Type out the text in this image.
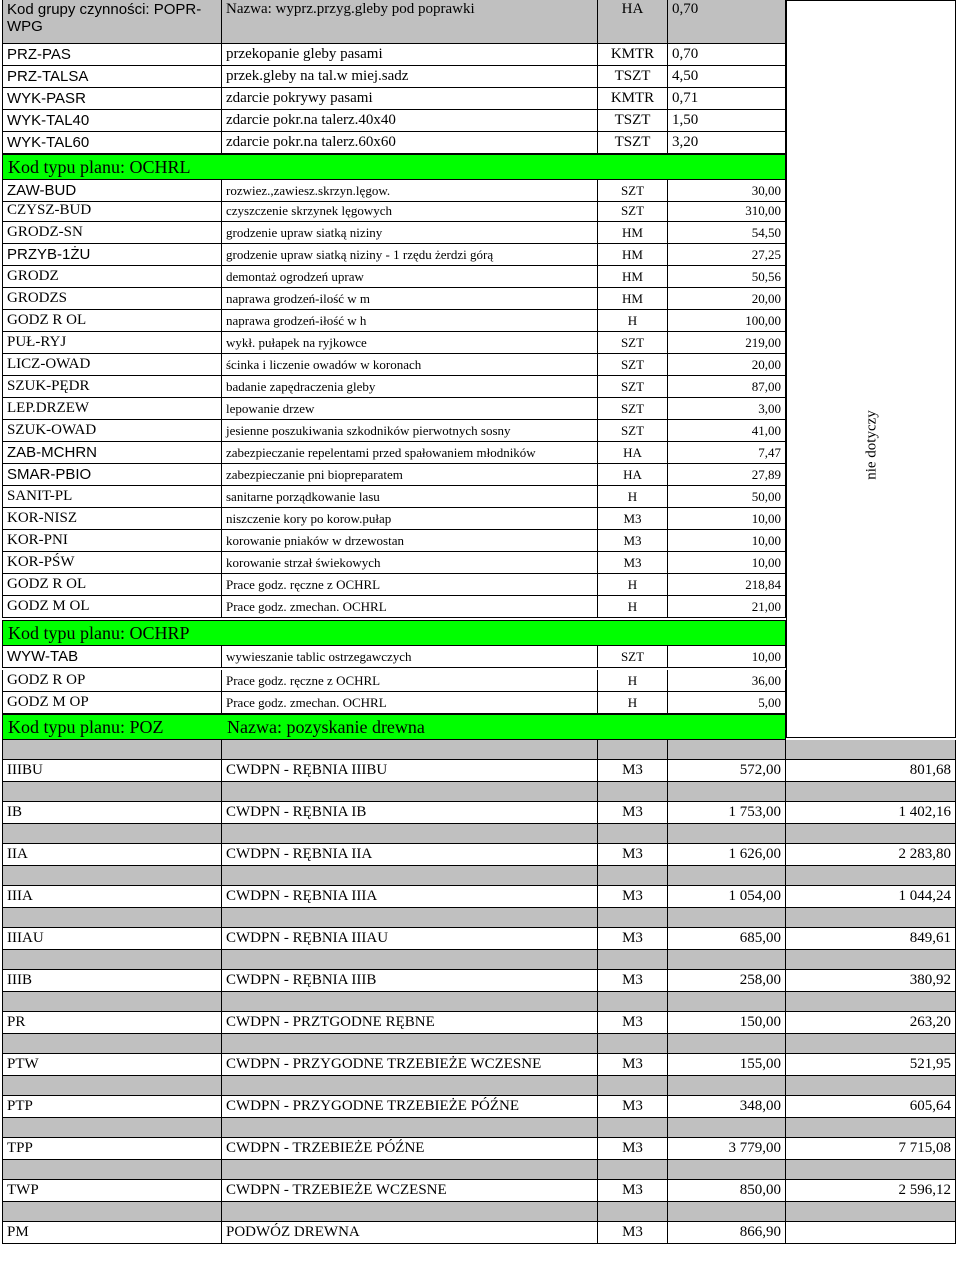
Kod grupy czynności: POPR-WPG
Nazwa: wyprz.przyg.gleby pod poprawki	HA	0,70
PRZ-PAS	przekopanie gleby pasami	KMTR	0,70
PRZ-TALSA	przek.gleby na tal.w miej.sadz	TSZT	4,50
WYK-PASR	zdarcie pokrywy pasami	KMTR	0,71
WYK-TAL40	zdarcie pokr.na talerz.40x40	TSZT	1,50
WYK-TAL60	zdarcie pokr.na talerz.60x60	TSZT	3,20
Kod typu planu: OCHRL
ZAW-BUD	rozwiez.,zawiesz.skrzyn.lęgow.	SZT	30,00
CZYSZ-BUD	czyszczenie skrzynek lęgowych	SZT	310,00
GRODZ-SN	grodzenie upraw siatką niziny	HM	54,50
PRZYB-1ŻU	grodzenie upraw siatką niziny - 1 rzędu żerdzi górą	HM	27,25
GRODZ	demontaż ogrodzeń upraw	HM	50,56
GRODZS	naprawa grodzeń-ilość w m	HM	20,00
GODZ R OL	naprawa grodzeń-iłość w h	H	100,00
PUŁ-RYJ	wykł. pułapek na ryjkowce	SZT	219,00
LICZ-OWAD	ścinka i liczenie owadów w koronach	SZT	20,00
SZUK-PĘDR	badanie zapędraczenia gleby	SZT	87,00
LEP.DRZEW	lepowanie drzew	SZT	3,00
SZUK-OWAD	jesienne poszukiwania szkodników pierwotnych sosny	SZT	41,00
ZAB-MCHRN	zabezpieczanie repelentami przed spałowaniem młodników	HA	7,47
SMAR-PBIO	zabezpieczanie pni biopreparatem	HA	27,89
SANIT-PL	sanitarne porządkowanie lasu	H	50,00
KOR-NISZ	niszczenie kory po korow.pułap	M3	10,00
KOR-PNI	korowanie pniaków w drzewostan	M3	10,00
KOR-PŚW	korowanie strzał świekowych	M3	10,00
GODZ R OL	Prace godz. ręczne z OCHRL	H	218,84
GODZ M OL	Prace godz. zmechan. OCHRL	H	21,00
Kod typu planu: OCHRP
WYW-TAB	wywieszanie tablic ostrzegawczych	SZT	10,00
GODZ R OP	Prace godz. ręczne z OCHRL	H	36,00
GODZ M OP	Prace godz. zmechan. OCHRL	H	5,00
Kod typu planu: POZ	Nazwa: pozyskanie drewna
IIIBU	CWDPN - RĘBNIA IIIBU	M3	572,00	801,68
IB	CWDPN - RĘBNIA IB	M3	1 753,00	1 402,16
IIA	CWDPN - RĘBNIA IIA	M3	1 626,00	2 283,80
IIIA	CWDPN - RĘBNIA IIIA	M3	1 054,00	1 044,24
IIIAU	CWDPN - RĘBNIA IIIAU	M3	685,00	849,61
IIIB	CWDPN - RĘBNIA IIIB	M3	258,00	380,92
PR	CWDPN - PRZTGODNE RĘBNE	M3	150,00	263,20
PTW	CWDPN - PRZYGODNE TRZEBIEŻE WCZESNE	M3	155,00	521,95
PTP	CWDPN - PRZYGODNE TRZEBIEŻE PÓŹNE	M3	348,00	605,64
TPP	CWDPN - TRZEBIEŻE PÓŹNE	M3	3 779,00	7 715,08
TWP	CWDPN - TRZEBIEŻE WCZESNE	M3	850,00	2 596,12
PM	PODWÓZ DREWNA	M3	866,90
nie dotyczy
